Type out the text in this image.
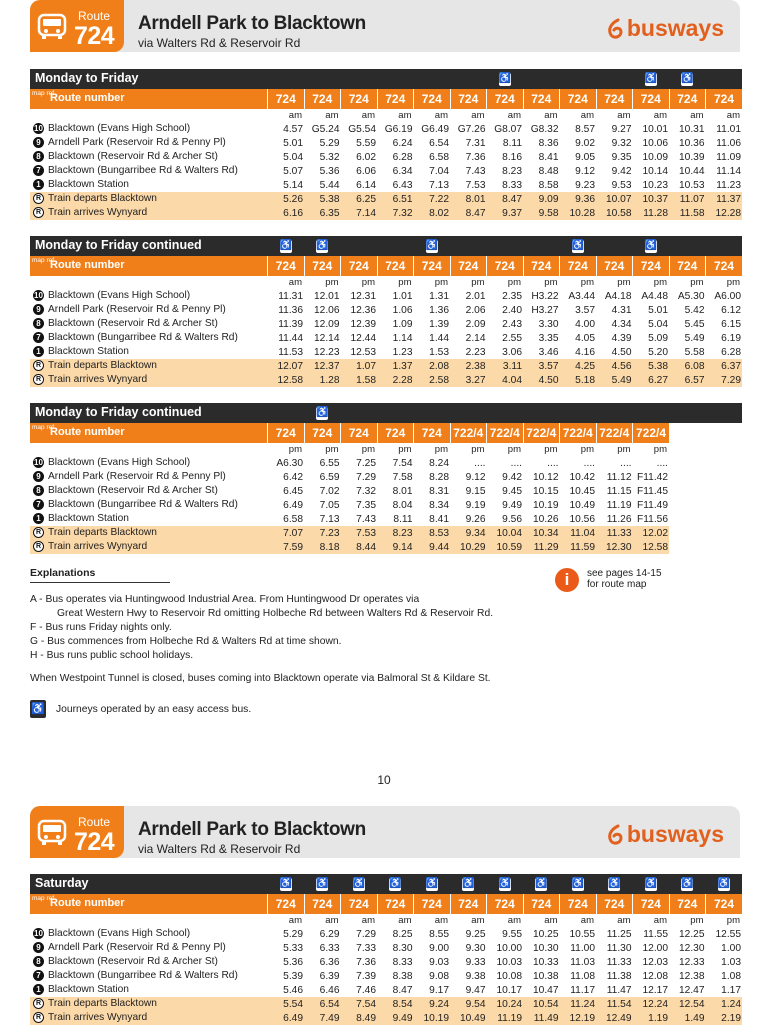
Route
724 Arndell Park to Blacktown
via Walters Rd & Reservoir Rd
busways
Monday to Friday	♿	♿ ♿
map ref
Route number	724	724	724	724	724	724	724	724	724	724	724	724	724
	am	am	am	am	am	am	am	am	am	am	am	am	am
10 Blacktown (Evans High School)	4.57	G5.24	G5.54	G6.19	G6.49	G7.26	G8.07	G8.32	8.57	9.27	10.01	10.31	11.01
9 Arndell Park (Reservoir Rd & Penny Pl)	5.01	5.29	5.59	6.24	6.54	7.31	8.11	8.36	9.02	9.32	10.06	10.36	11.06
8 Blacktown (Reservoir Rd & Archer St)	5.04	5.32	6.02	6.28	6.58	7.36	8.16	8.41	9.05	9.35	10.09	10.39	11.09
7 Blacktown (Bungarribee Rd & Walters Rd)	5.07	5.36	6.06	6.34	7.04	7.43	8.23	8.48	9.12	9.42	10.14	10.44	11.14
1 Blacktown Station	5.14	5.44	6.14	6.43	7.13	7.53	8.33	8.58	9.23	9.53	10.23	10.53	11.23
R Train departs Blacktown	5.26	5.38	6.25	6.51	7.22	8.01	8.47	9.09	9.36	10.07	10.37	11.07	11.37
R Train arrives Wynyard	6.16	6.35	7.14	7.32	8.02	8.47	9.37	9.58	10.28	10.58	11.28	11.58	12.28
Monday to Friday continued	♿ ♿	♿	♿	♿
map ref
Route number	724	724	724	724	724	724	724	724	724	724	724	724	724
	am	pm	pm	pm	pm	pm	pm	pm	pm	pm	pm	pm	pm
10 Blacktown (Evans High School)	11.31	12.01	12.31	1.01	1.31	2.01	2.35	H3.22	A3.44	A4.18	A4.48	A5.30	A6.00
9 Arndell Park (Reservoir Rd & Penny Pl)	11.36	12.06	12.36	1.06	1.36	2.06	2.40	H3.27	3.57	4.31	5.01	5.42	6.12
8 Blacktown (Reservoir Rd & Archer St)	11.39	12.09	12.39	1.09	1.39	2.09	2.43	3.30	4.00	4.34	5.04	5.45	6.15
7 Blacktown (Bungarribee Rd & Walters Rd)	11.44	12.14	12.44	1.14	1.44	2.14	2.55	3.35	4.05	4.39	5.09	5.49	6.19
1 Blacktown Station	11.53	12.23	12.53	1.23	1.53	2.23	3.06	3.46	4.16	4.50	5.20	5.58	6.28
R Train departs Blacktown	12.07	12.37	1.07	1.37	2.08	2.38	3.11	3.57	4.25	4.56	5.38	6.08	6.37
R Train arrives Wynyard	12.58	1.28	1.58	2.28	2.58	3.27	4.04	4.50	5.18	5.49	6.27	6.57	7.29
Monday to Friday continued	♿
map ref
Route number	724	724	724	724	724	722/4	722/4	722/4	722/4	722/4	722/4		
	pm	pm	pm	pm	pm	pm	pm	pm	pm	pm	pm		
10 Blacktown (Evans High School)	A6.30	6.55	7.25	7.54	8.24	....	....	....	....	....	....		
9 Arndell Park (Reservoir Rd & Penny Pl)	6.42	6.59	7.29	7.58	8.28	9.12	9.42	10.12	10.42	11.12	F11.42		
8 Blacktown (Reservoir Rd & Archer St)	6.45	7.02	7.32	8.01	8.31	9.15	9.45	10.15	10.45	11.15	F11.45		
7 Blacktown (Bungarribee Rd & Walters Rd)	6.49	7.05	7.35	8.04	8.34	9.19	9.49	10.19	10.49	11.19	F11.49		
1 Blacktown Station	6.58	7.13	7.43	8.11	8.41	9.26	9.56	10.26	10.56	11.26	F11.56		
R Train departs Blacktown	7.07	7.23	7.53	8.23	8.53	9.34	10.04	10.34	11.04	11.33	12.02		
R Train arrives Wynyard	7.59	8.18	8.44	9.14	9.44	10.29	10.59	11.29	11.59	12.30	12.58		
Explanations

A - Bus operates via Huntingwood Industrial Area. From Huntingwood Dr operates via

Great Western Hwy to Reservoir Rd omitting Holbeche Rd between Walters Rd & Reservoir Rd.

F - Bus runs Friday nights only.

G - Bus commences from Holbeche Rd & Walters Rd at time shown.

H - Bus runs public school holidays.

When Westpoint Tunnel is closed, buses coming into Blacktown operate via Balmoral St & Kildare St.

i	see pages 14-15
for route map
♿ Journeys operated by an easy access bus.
10
Route
724 Arndell Park to Blacktown
via Walters Rd & Reservoir Rd
busways
Saturday	♿ ♿ ♿ ♿ ♿ ♿ ♿ ♿ ♿ ♿ ♿ ♿ ♿
map ref
Route number	724	724	724	724	724	724	724	724	724	724	724	724	724
	am	am	am	am	am	am	am	am	am	am	am	pm	pm
10 Blacktown (Evans High School)	5.29	6.29	7.29	8.25	8.55	9.25	9.55	10.25	10.55	11.25	11.55	12.25	12.55
9 Arndell Park (Reservoir Rd & Penny Pl)	5.33	6.33	7.33	8.30	9.00	9.30	10.00	10.30	11.00	11.30	12.00	12.30	1.00
8 Blacktown (Reservoir Rd & Archer St)	5.36	6.36	7.36	8.33	9.03	9.33	10.03	10.33	11.03	11.33	12.03	12.33	1.03
7 Blacktown (Bungarribee Rd & Walters Rd)	5.39	6.39	7.39	8.38	9.08	9.38	10.08	10.38	11.08	11.38	12.08	12.38	1.08
1 Blacktown Station	5.46	6.46	7.46	8.47	9.17	9.47	10.17	10.47	11.17	11.47	12.17	12.47	1.17
R Train departs Blacktown	5.54	6.54	7.54	8.54	9.24	9.54	10.24	10.54	11.24	11.54	12.24	12.54	1.24
R Train arrives Wynyard	6.49	7.49	8.49	9.49	10.19	10.49	11.19	11.49	12.19	12.49	1.19	1.49	2.19
